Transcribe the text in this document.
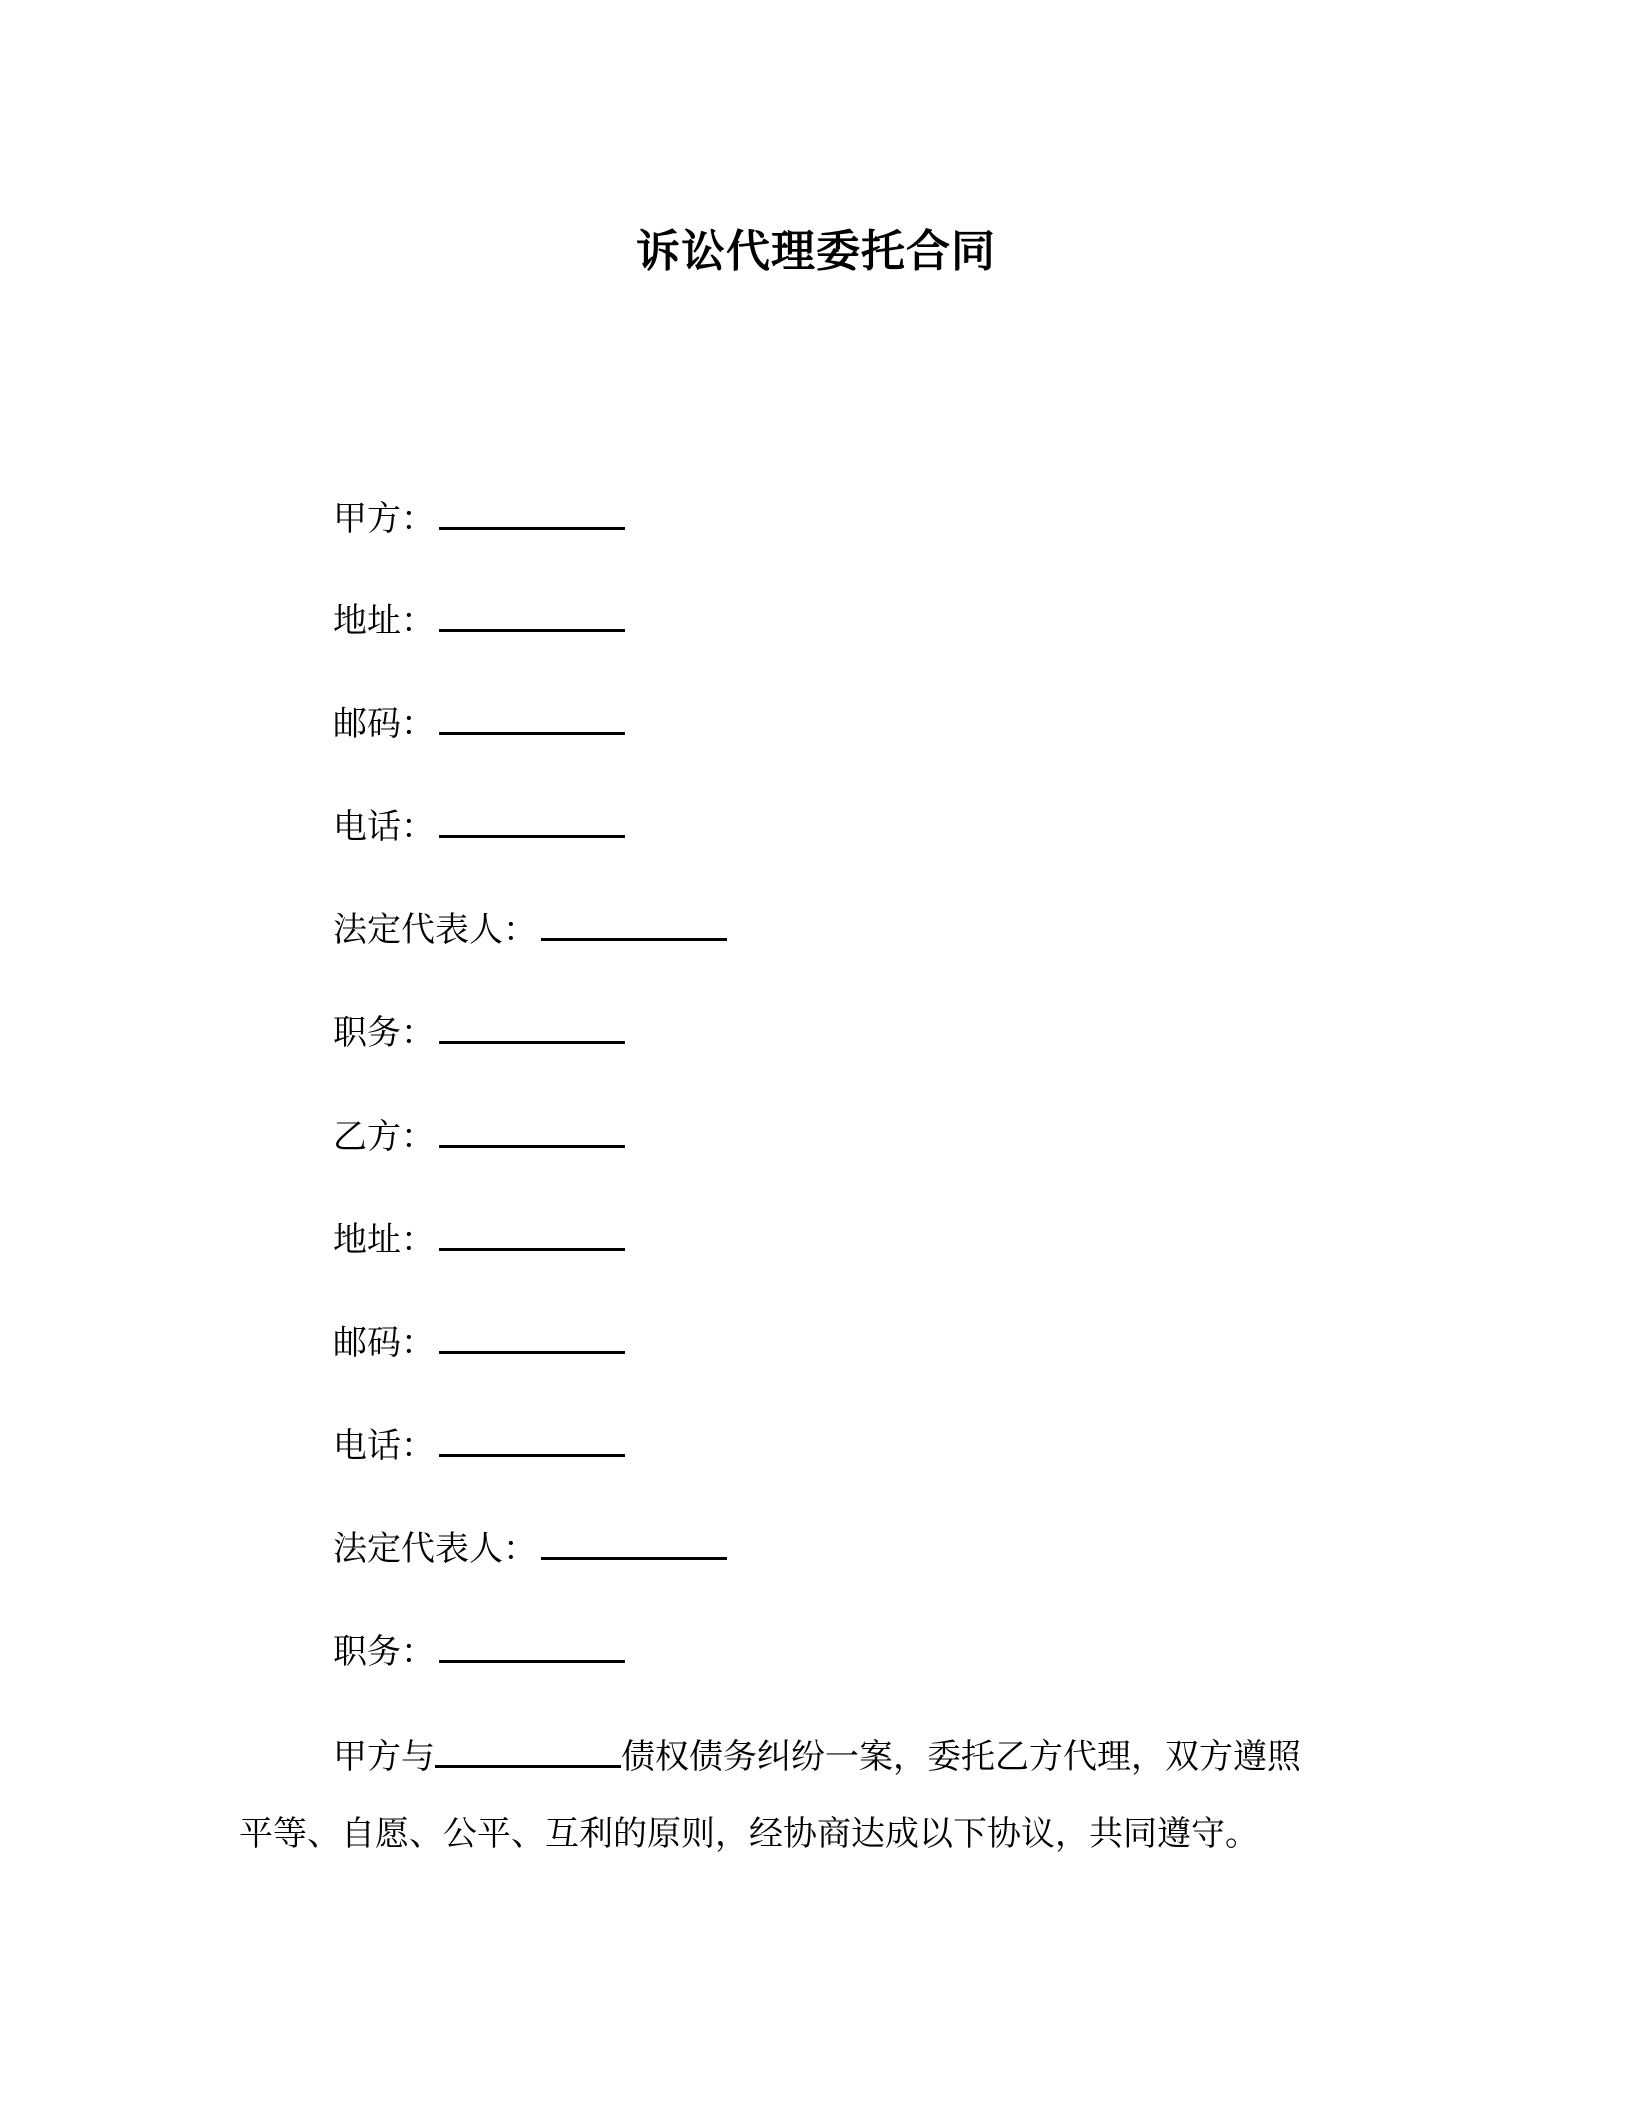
诉讼代理委托合同
甲方：
地址：
邮码：
电话：
法定代表人：
职务：
乙方：
地址：
邮码：
电话：
法定代表人：
职务：
甲方与	债权债务纠纷一案，委托乙方代理，双方遵照
平等、自愿、公平、互利的原则，经协商达成以下协议，共同遵守。
